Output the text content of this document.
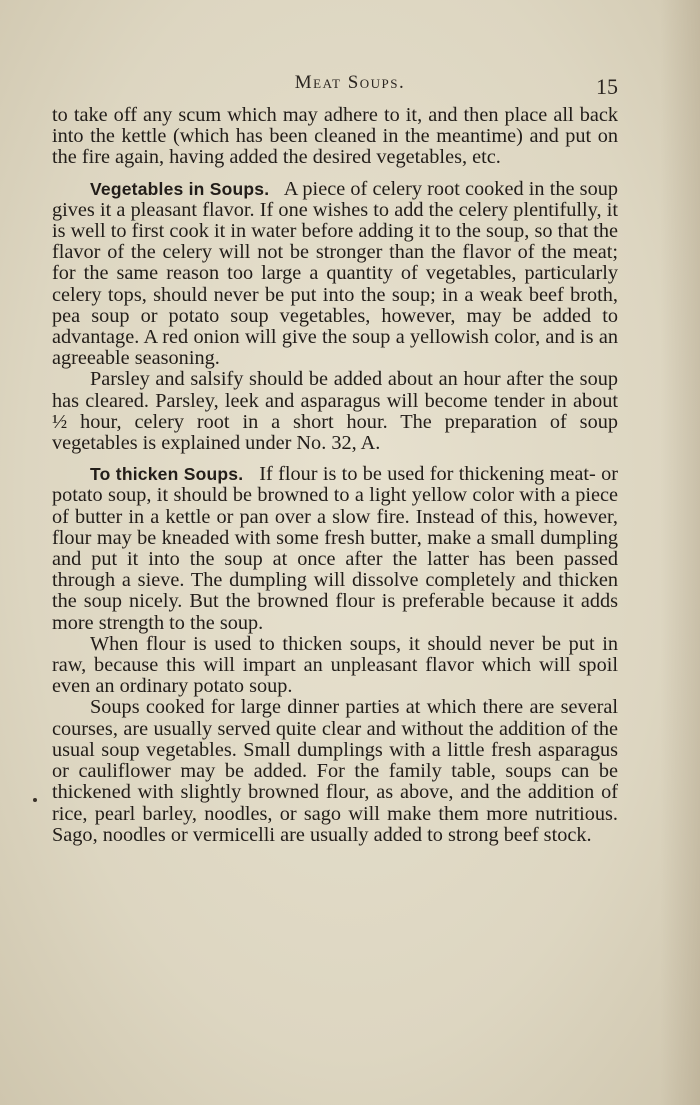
Meat Soups.	15

to take off any scum which may adhere to it, and then place all back into the kettle (which has been cleaned in the meantime) and put on the fire again, having added the desired vegetables, etc.

Vegetables in Soups.   A piece of celery root cooked in the soup gives it a pleasant flavor. If one wishes to add the celery plentifully, it is well to first cook it in water before adding it to the soup, so that the flavor of the celery will not be stronger than the flavor of the meat; for the same reason too large a quantity of vegetables, particularly celery tops, should never be put into the soup; in a weak beef broth, pea soup or potato soup vegetables, however, may be added to advantage. A red onion will give the soup a yellowish color, and is an agreeable seasoning.

Parsley and salsify should be added about an hour after the soup has cleared. Parsley, leek and asparagus will become tender in about ½ hour, celery root in a short hour. The preparation of soup vegetables is explained under No. 32, A.

To thicken Soups.   If flour is to be used for thickening meat- or potato soup, it should be browned to a light yellow color with a piece of butter in a kettle or pan over a slow fire. Instead of this, however, flour may be kneaded with some fresh butter, make a small dumpling and put it into the soup at once after the latter has been passed through a sieve. The dumpling will dissolve completely and thicken the soup nicely. But the browned flour is preferable because it adds more strength to the soup.

When flour is used to thicken soups, it should never be put in raw, because this will impart an unpleasant flavor which will spoil even an ordinary potato soup.

Soups cooked for large dinner parties at which there are several courses, are usually served quite clear and without the addition of the usual soup vegetables. Small dumplings with a little fresh asparagus or cauliflower may be added. For the family table, soups can be thickened with slightly browned flour, as above, and the addition of rice, pearl barley, noodles, or sago will make them more nutritious. Sago, noodles or vermicelli are usually added to strong beef stock.
